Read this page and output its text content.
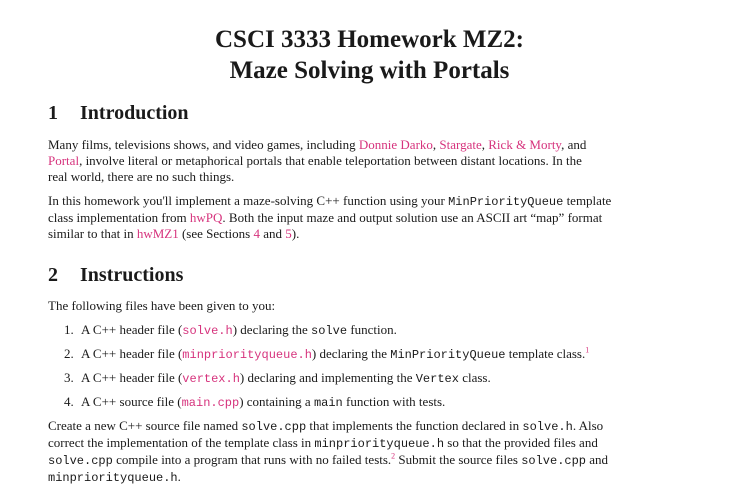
CSCI 3333 Homework MZ2:
Maze Solving with Portals
1 Introduction

Many films, televisions shows, and video games, including Donnie Darko, Stargate, Rick & Morty, and

Portal, involve literal or metaphorical portals that enable teleportation between distant locations. In the

real world, there are no such things.

In this homework you'll implement a maze-solving C++ function using your MinPriorityQueue template

class implementation from hwPQ. Both the input maze and output solution use an ASCII art “map” format

similar to that in hwMZ1 (see Sections 4 and 5).

2 Instructions

The following files have been given to you:

1. A C++ header file (solve.h) declaring the solve function.
2. A C++ header file (minpriorityqueue.h) declaring the MinPriorityQueue template class.$^1$
3. A C++ header file (vertex.h) declaring and implementing the Vertex class.
4. A C++ source file (main.cpp) containing a main function with tests.

Create a new C++ source file named solve.cpp that implements the function declared in solve.h. Also

correct the implementation of the template class in minpriorityqueue.h so that the provided files and

solve.cpp compile into a program that runs with no failed tests.$^2$ Submit the source files solve.cpp and

minpriorityqueue.h.
